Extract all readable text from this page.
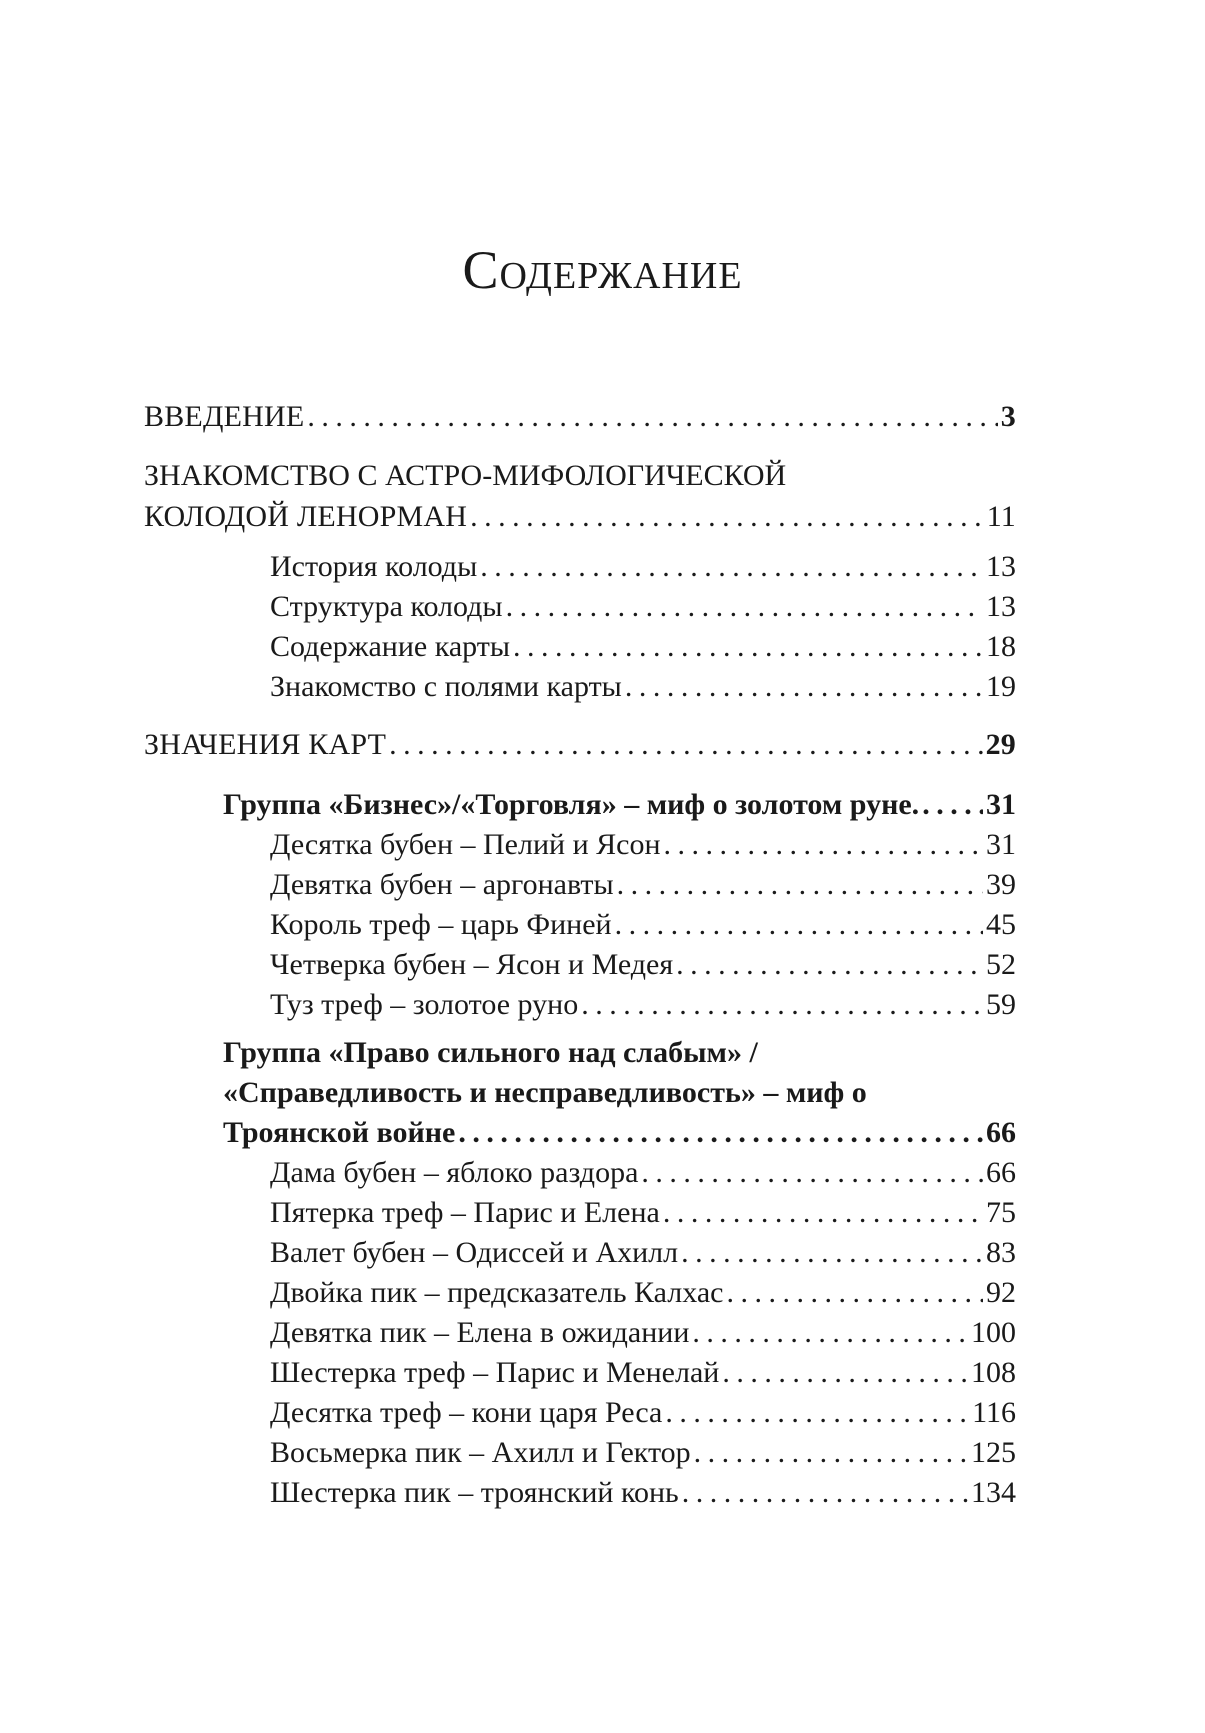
Содержание
ВВЕДЕНИЕ . . .	3
ЗНАКОМСТВО С АСТРО-МИФОЛОГИЧЕСКОЙ
КОЛОДОЙ ЛЕНОРМАН . . .	11
История колоды . . .	13
Структура колоды . . .	13
Содержание карты . . .	18
Знакомство с полями карты . . .	19
ЗНАЧЕНИЯ КАРТ . . .	29
Группа «Бизнес»/«Торговля» – миф о золотом руне. . . . 31
Десятка бубен – Пелий и Ясон . . .	31
Девятка бубен – аргонавты . . .	39
Король треф – царь Финей . . .	45
Четверка бубен – Ясон и Медея . . .	52
Туз треф – золотое руно . . .	59
Группа «Право сильного над слабым» /
«Справедливость и несправедливость» – миф о
Троянской войне . . .	66
Дама бубен – яблоко раздора . . .	66
Пятерка треф – Парис и Елена . . .	75
Валет бубен – Одиссей и Ахилл . . .	83
Двойка пик – предсказатель Калхас . . .	92
Девятка пик – Елена в ожидании . . .	100
Шестерка треф – Парис и Менелай . . .	108
Десятка треф – кони царя Реса . . .	116
Восьмерка пик – Ахилл и Гектор . . .	125
Шестерка пик – троянский конь . . .	134
